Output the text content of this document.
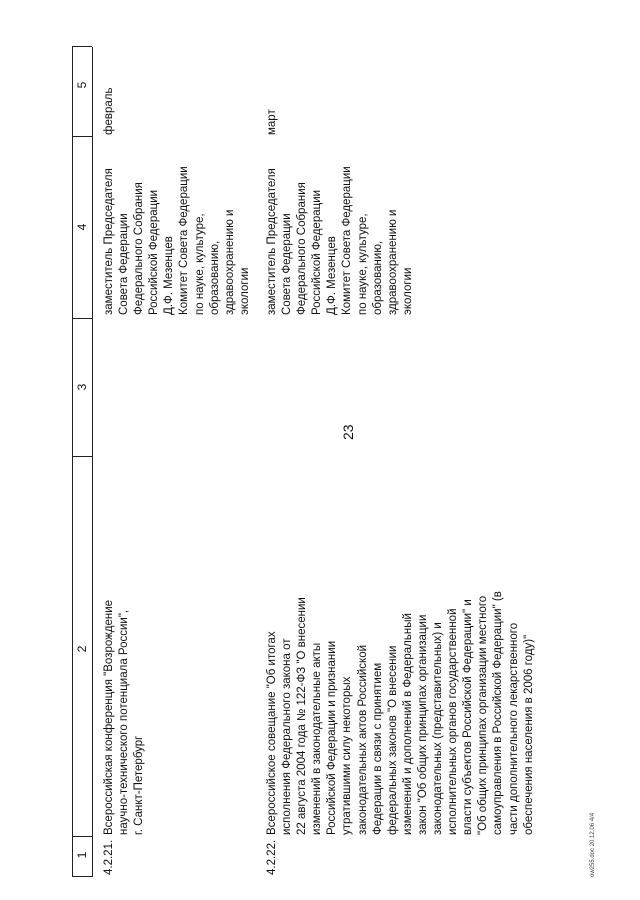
23
1
2
3
4
5
4.2.21.
Всероссийская конференция "Возрождение
научно-технического потенциала России",
г. Санкт-Петербург
заместитель Председателя
Совета Федерации
Федерального Собрания
Российской Федерации
Д.Ф. Мезенцев
Комитет Совета Федерации
по науке, культуре,
образованию,
здравоохранению и
экологии
февраль
4.2.22.
Всероссийское совещание "Об итогах
исполнения Федерального закона от
22 августа 2004 года № 122-ФЗ "О внесении
изменений в законодательные акты
Российской Федерации и признании
утратившими силу некоторых
законодательных актов Российской
Федерации в связи с принятием
федеральных законов "О внесении
изменений и дополнений в Федеральный
закон "Об общих принципах организации
законодательных (представительных) и
исполнительных органов государственной
власти субъектов Российской Федерации" и
"Об общих принципах организации местного
самоуправления в Российской Федерации" (в
части дополнительного лекарственного
обеспечения населения в 2006 году)"
заместитель Председателя
Совета Федерации
Федерального Собрания
Российской Федерации
Д.Ф. Мезенцев
Комитет Совета Федерации
по науке, культуре,
образованию,
здравоохранению и
экологии
март
ow255.doc 20.12.06 4/4
